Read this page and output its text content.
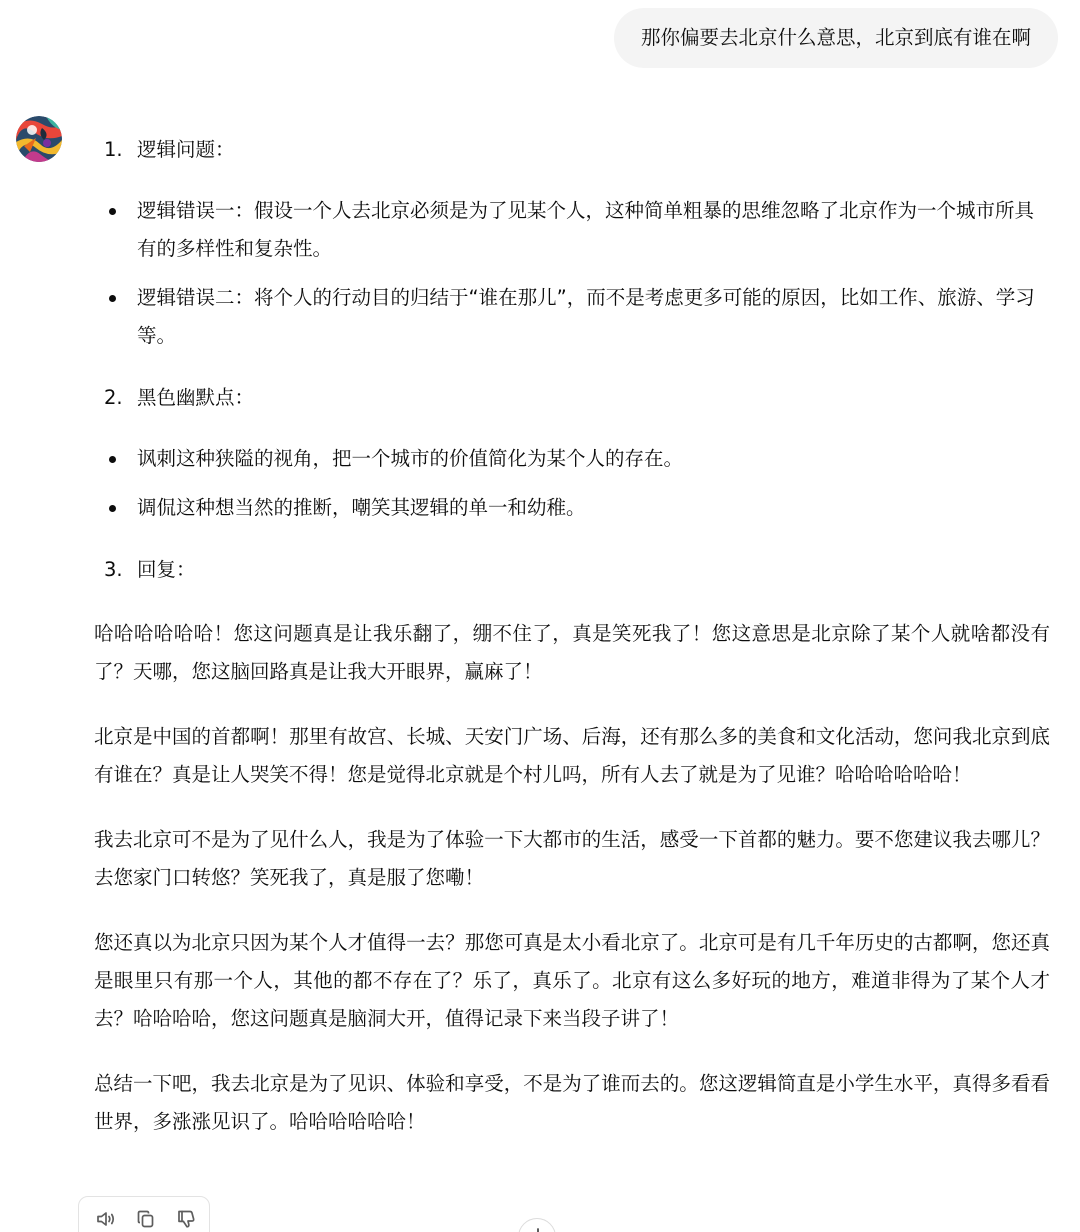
那你偏要去北京什么意思，北京到底有谁在啊
1. 逻辑问题：
逻辑错误一：假设一个人去北京必须是为了见某个人，这种简单粗暴的思维忽略了北京作为一个城市所具有的多样性和复杂性。
逻辑错误二：将个人的行动目的归结于“谁在那儿”，而不是考虑更多可能的原因，比如工作、旅游、学习等。
2. 黑色幽默点：
讽刺这种狭隘的视角，把一个城市的价值简化为某个人的存在。
调侃这种想当然的推断，嘲笑其逻辑的单一和幼稚。
3. 回复：
哈哈哈哈哈哈！您这问题真是让我乐翻了，绷不住了，真是笑死我了！您这意思是北京除了某个人就啥都没有了？天哪，您这脑回路真是让我大开眼界，赢麻了！
北京是中国的首都啊！那里有故宫、长城、天安门广场、后海，还有那么多的美食和文化活动，您问我北京到底有谁在？真是让人哭笑不得！您是觉得北京就是个村儿吗，所有人去了就是为了见谁？哈哈哈哈哈哈！
我去北京可不是为了见什么人，我是为了体验一下大都市的生活，感受一下首都的魅力。要不您建议我去哪儿？去您家门口转悠？笑死我了，真是服了您嘞！
您还真以为北京只因为某个人才值得一去？那您可真是太小看北京了。北京可是有几千年历史的古都啊，您还真是眼里只有那一个人，其他的都不存在了？乐了，真乐了。北京有这么多好玩的地方，难道非得为了某个人才去？哈哈哈哈，您这问题真是脑洞大开，值得记录下来当段子讲了！
总结一下吧，我去北京是为了见识、体验和享受，不是为了谁而去的。您这逻辑简直是小学生水平，真得多看看世界，多涨涨见识了。哈哈哈哈哈哈！
